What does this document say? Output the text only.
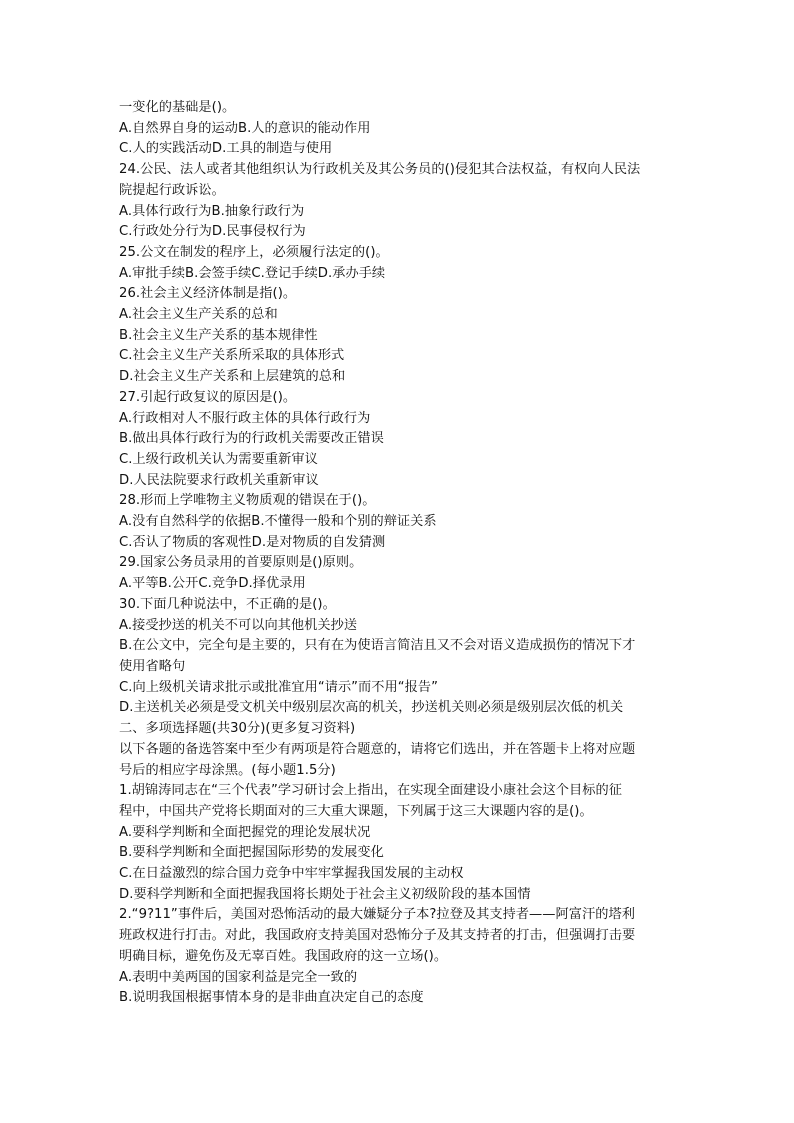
一变化的基础是()。
A.自然界自身的运动B.人的意识的能动作用
C.人的实践活动D.工具的制造与使用
24.公民、法人或者其他组织认为行政机关及其公务员的()侵犯其合法权益，有权向人民法
院提起行政诉讼。
A.具体行政行为B.抽象行政行为
C.行政处分行为D.民事侵权行为
25.公文在制发的程序上，必须履行法定的()。
A.审批手续B.会签手续C.登记手续D.承办手续
26.社会主义经济体制是指()。
A.社会主义生产关系的总和
B.社会主义生产关系的基本规律性
C.社会主义生产关系所采取的具体形式
D.社会主义生产关系和上层建筑的总和
27.引起行政复议的原因是()。
A.行政相对人不服行政主体的具体行政行为
B.做出具体行政行为的行政机关需要改正错误
C.上级行政机关认为需要重新审议
D.人民法院要求行政机关重新审议
28.形而上学唯物主义物质观的错误在于()。
A.没有自然科学的依据B.不懂得一般和个别的辩证关系
C.否认了物质的客观性D.是对物质的自发猜测
29.国家公务员录用的首要原则是()原则。
A.平等B.公开C.竞争D.择优录用
30.下面几种说法中，不正确的是()。
A.接受抄送的机关不可以向其他机关抄送
B.在公文中，完全句是主要的，只有在为使语言简洁且又不会对语义造成损伤的情况下才
使用省略句
C.向上级机关请求批示或批准宜用“请示”而不用“报告”
D.主送机关必须是受文机关中级别层次高的机关，抄送机关则必须是级别层次低的机关
二、多项选择题(共30分)(更多复习资料)
以下各题的备选答案中至少有两项是符合题意的，请将它们选出，并在答题卡上将对应题
号后的相应字母涂黑。(每小题1.5分)
1.胡锦涛同志在“三个代表”学习研讨会上指出，在实现全面建设小康社会这个目标的征
程中，中国共产党将长期面对的三大重大课题，下列属于这三大课题内容的是()。
A.要科学判断和全面把握党的理论发展状况
B.要科学判断和全面把握国际形势的发展变化
C.在日益激烈的综合国力竞争中牢牢掌握我国发展的主动权
D.要科学判断和全面把握我国将长期处于社会主义初级阶段的基本国情
2.“9?11”事件后，美国对恐怖活动的最大嫌疑分子本?拉登及其支持者——阿富汗的塔利
班政权进行打击。对此，我国政府支持美国对恐怖分子及其支持者的打击，但强调打击要
明确目标，避免伤及无辜百姓。我国政府的这一立场()。
A.表明中美两国的国家利益是完全一致的
B.说明我国根据事情本身的是非曲直决定自己的态度
